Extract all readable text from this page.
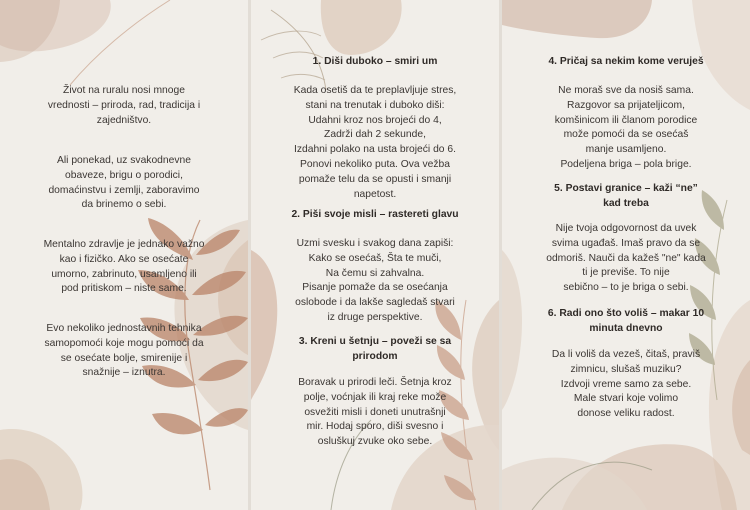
Život na ruralu nosi mnoge
vrednosti – priroda, rad, tradicija i
zajedništvo.

Ali ponekad, uz svakodnevne
obaveze, brigu o porodici,
domaćinstvu i zemlji, zaboravimo
da brinemo o sebi.

Mentalno zdravlje je jednako važno
kao i fizičko. Ako se osećate
umorno, zabrinuto, usamljeno ili
pod pritiskom – niste same.

Evo nekoliko jednostavnih tehnika
samopomoći koje mogu pomoći da
se osećate bolje, smirenije i
snažnije – iznutra.

1. Diši duboko – smiri um

Kada osetiš da te preplavljuje stres,
stani na trenutak i duboko diši:
Udahni kroz nos brojeći do 4,
Zadrži dah 2 sekunde,
Izdahni polako na usta brojeći do 6.
Ponovi nekoliko puta. Ova vežba
pomaže telu da se opusti i smanji
napetost.

2. Piši svoje misli – rastereti glavu

Uzmi svesku i svakog dana zapiši:
Kako se osećaš, Šta te muči,
Na čemu si zahvalna.
Pisanje pomaže da se osećanja
oslobode i da lakše sagledaš stvari
iz druge perspektive.

3. Kreni u šetnju – poveži se sa
prirodom

Boravak u prirodi leči. Šetnja kroz
polje, voćnjak ili kraj reke može
osvežiti misli i doneti unutrašnji
mir. Hodaj sporo, diši svesno i
osluškuj zvuke oko sebe.

4. Pričaj sa nekim kome veruješ

Ne moraš sve da nosiš sama.
Razgovor sa prijateljicom,
komšinicom ili članom porodice
može pomoći da se osećaš
manje usamljeno.
Podeljena briga – pola brige.

5. Postavi granice – kaži “ne”
kad treba

Nije tvoja odgovornost da uvek
svima ugađaš. Imaš pravo da se
odmoriš. Nauči da kažeš "ne" kada
ti je previše. To nije
sebično – to je briga o sebi.

6. Radi ono što voliš – makar 10
minuta dnevno

Da li voliš da vezeš, čitaš, praviš
zimnicu, slušaš muziku?
Izdvoji vreme samo za sebe.
Male stvari koje volimo
donose veliku radost.
